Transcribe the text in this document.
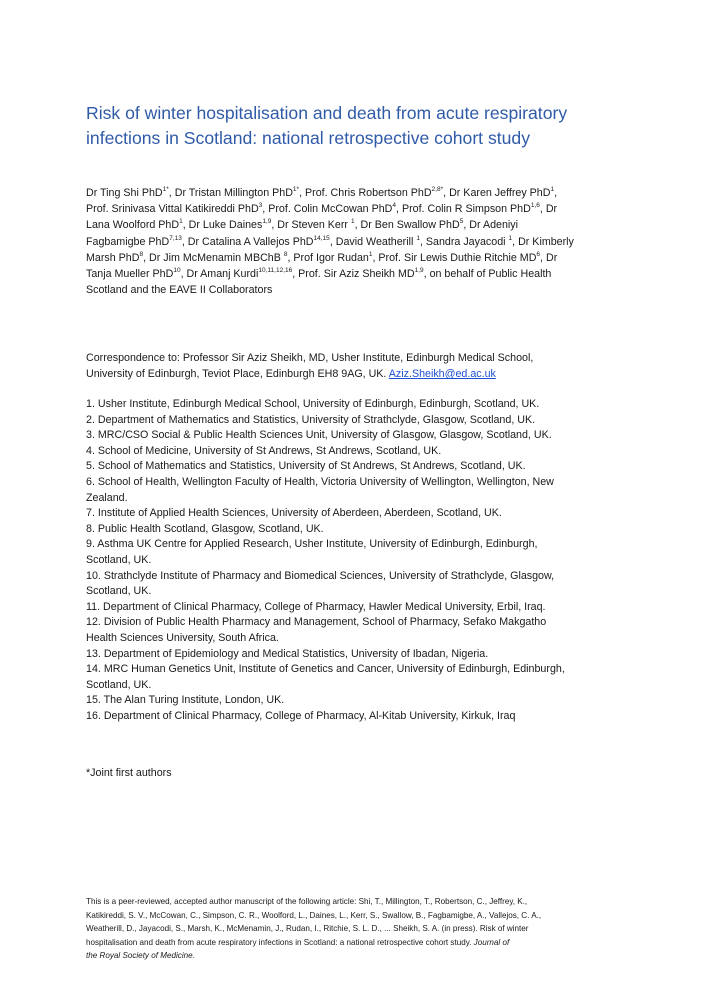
Risk of winter hospitalisation and death from acute respiratory
infections in Scotland: national retrospective cohort study

Dr Ting Shi PhD$^{1*}$, Dr Tristan Millington PhD$^{1*}$, Prof. Chris Robertson PhD$^{2,8*}$, Dr Karen Jeffrey PhD$^1$,
Prof. Srinivasa Vittal Katikireddi PhD$^3$, Prof. Colin McCowan PhD$^4$, Prof. Colin R Simpson PhD$^{1,6}$, Dr
Lana Woolford PhD$^1$, Dr Luke Daines$^{1,9}$, Dr Steven Kerr $^1$, Dr Ben Swallow PhD$^5$, Dr Adeniyi
Fagbamigbe PhD$^{7,13}$, Dr Catalina A Vallejos PhD$^{14,15}$, David Weatherill $^1$, Sandra Jayacodi $^1$, Dr Kimberly
Marsh PhD$^8$, Dr Jim McMenamin MBChB $^8$, Prof Igor Rudan$^1$, Prof. Sir Lewis Duthie Ritchie $MD^6$, Dr
Tanja Mueller PhD$^{10}$, Dr Amanj Kurdi$^{10,11,12,16}$, Prof. Sir Aziz Sheikh MD$^{1,9}$, on behalf of Public Health
Scotland and the EAVE II Collaborators

Correspondence to: Professor Sir Aziz Sheikh, MD, Usher Institute, Edinburgh Medical School,
University of Edinburgh, Teviot Place, Edinburgh EH8 9AG, UK. Aziz.Sheikh@ed.ac.uk

1. Usher Institute, Edinburgh Medical School, University of Edinburgh, Edinburgh, Scotland, UK.
2. Department of Mathematics and Statistics, University of Strathclyde, Glasgow, Scotland, UK.
3. MRC/CSO Social & Public Health Sciences Unit, University of Glasgow, Glasgow, Scotland, UK.
4. School of Medicine, University of St Andrews, St Andrews, Scotland, UK.
5. School of Mathematics and Statistics, University of St Andrews, St Andrews, Scotland, UK.
6. School of Health, Wellington Faculty of Health, Victoria University of Wellington, Wellington, New
Zealand.
7. Institute of Applied Health Sciences, University of Aberdeen, Aberdeen, Scotland, UK.
8. Public Health Scotland, Glasgow, Scotland, UK.
9. Asthma UK Centre for Applied Research, Usher Institute, University of Edinburgh, Edinburgh,
Scotland, UK.
10. Strathclyde Institute of Pharmacy and Biomedical Sciences, University of Strathclyde, Glasgow,
Scotland, UK.
11. Department of Clinical Pharmacy, College of Pharmacy, Hawler Medical University, Erbil, Iraq.
12. Division of Public Health Pharmacy and Management, School of Pharmacy, Sefako Makgatho
Health Sciences University, South Africa.
13. Department of Epidemiology and Medical Statistics, University of Ibadan, Nigeria.
14. MRC Human Genetics Unit, Institute of Genetics and Cancer, University of Edinburgh, Edinburgh,
Scotland, UK.
15. The Alan Turing Institute, London, UK.
16. Department of Clinical Pharmacy, College of Pharmacy, Al-Kitab University, Kirkuk, Iraq

*Joint first authors

This is a peer-reviewed, accepted author manuscript of the following article: Shi, T., Millington, T., Robertson, C., Jeffrey, K.,
Katikireddi, S. V., McCowan, C., Simpson, C. R., Woolford, L., Daines, L., Kerr, S., Swallow, B., Fagbamigbe, A., Vallejos, C. A.,
Weatherill, D., Jayacodi, S., Marsh, K., McMenamin, J., Rudan, I., Ritchie, S. L. D., ... Sheikh, S. A. (in press). Risk of winter
hospitalisation and death from acute respiratory infections in Scotland: a national retrospective cohort study. Journal of
the Royal Society of Medicine.
